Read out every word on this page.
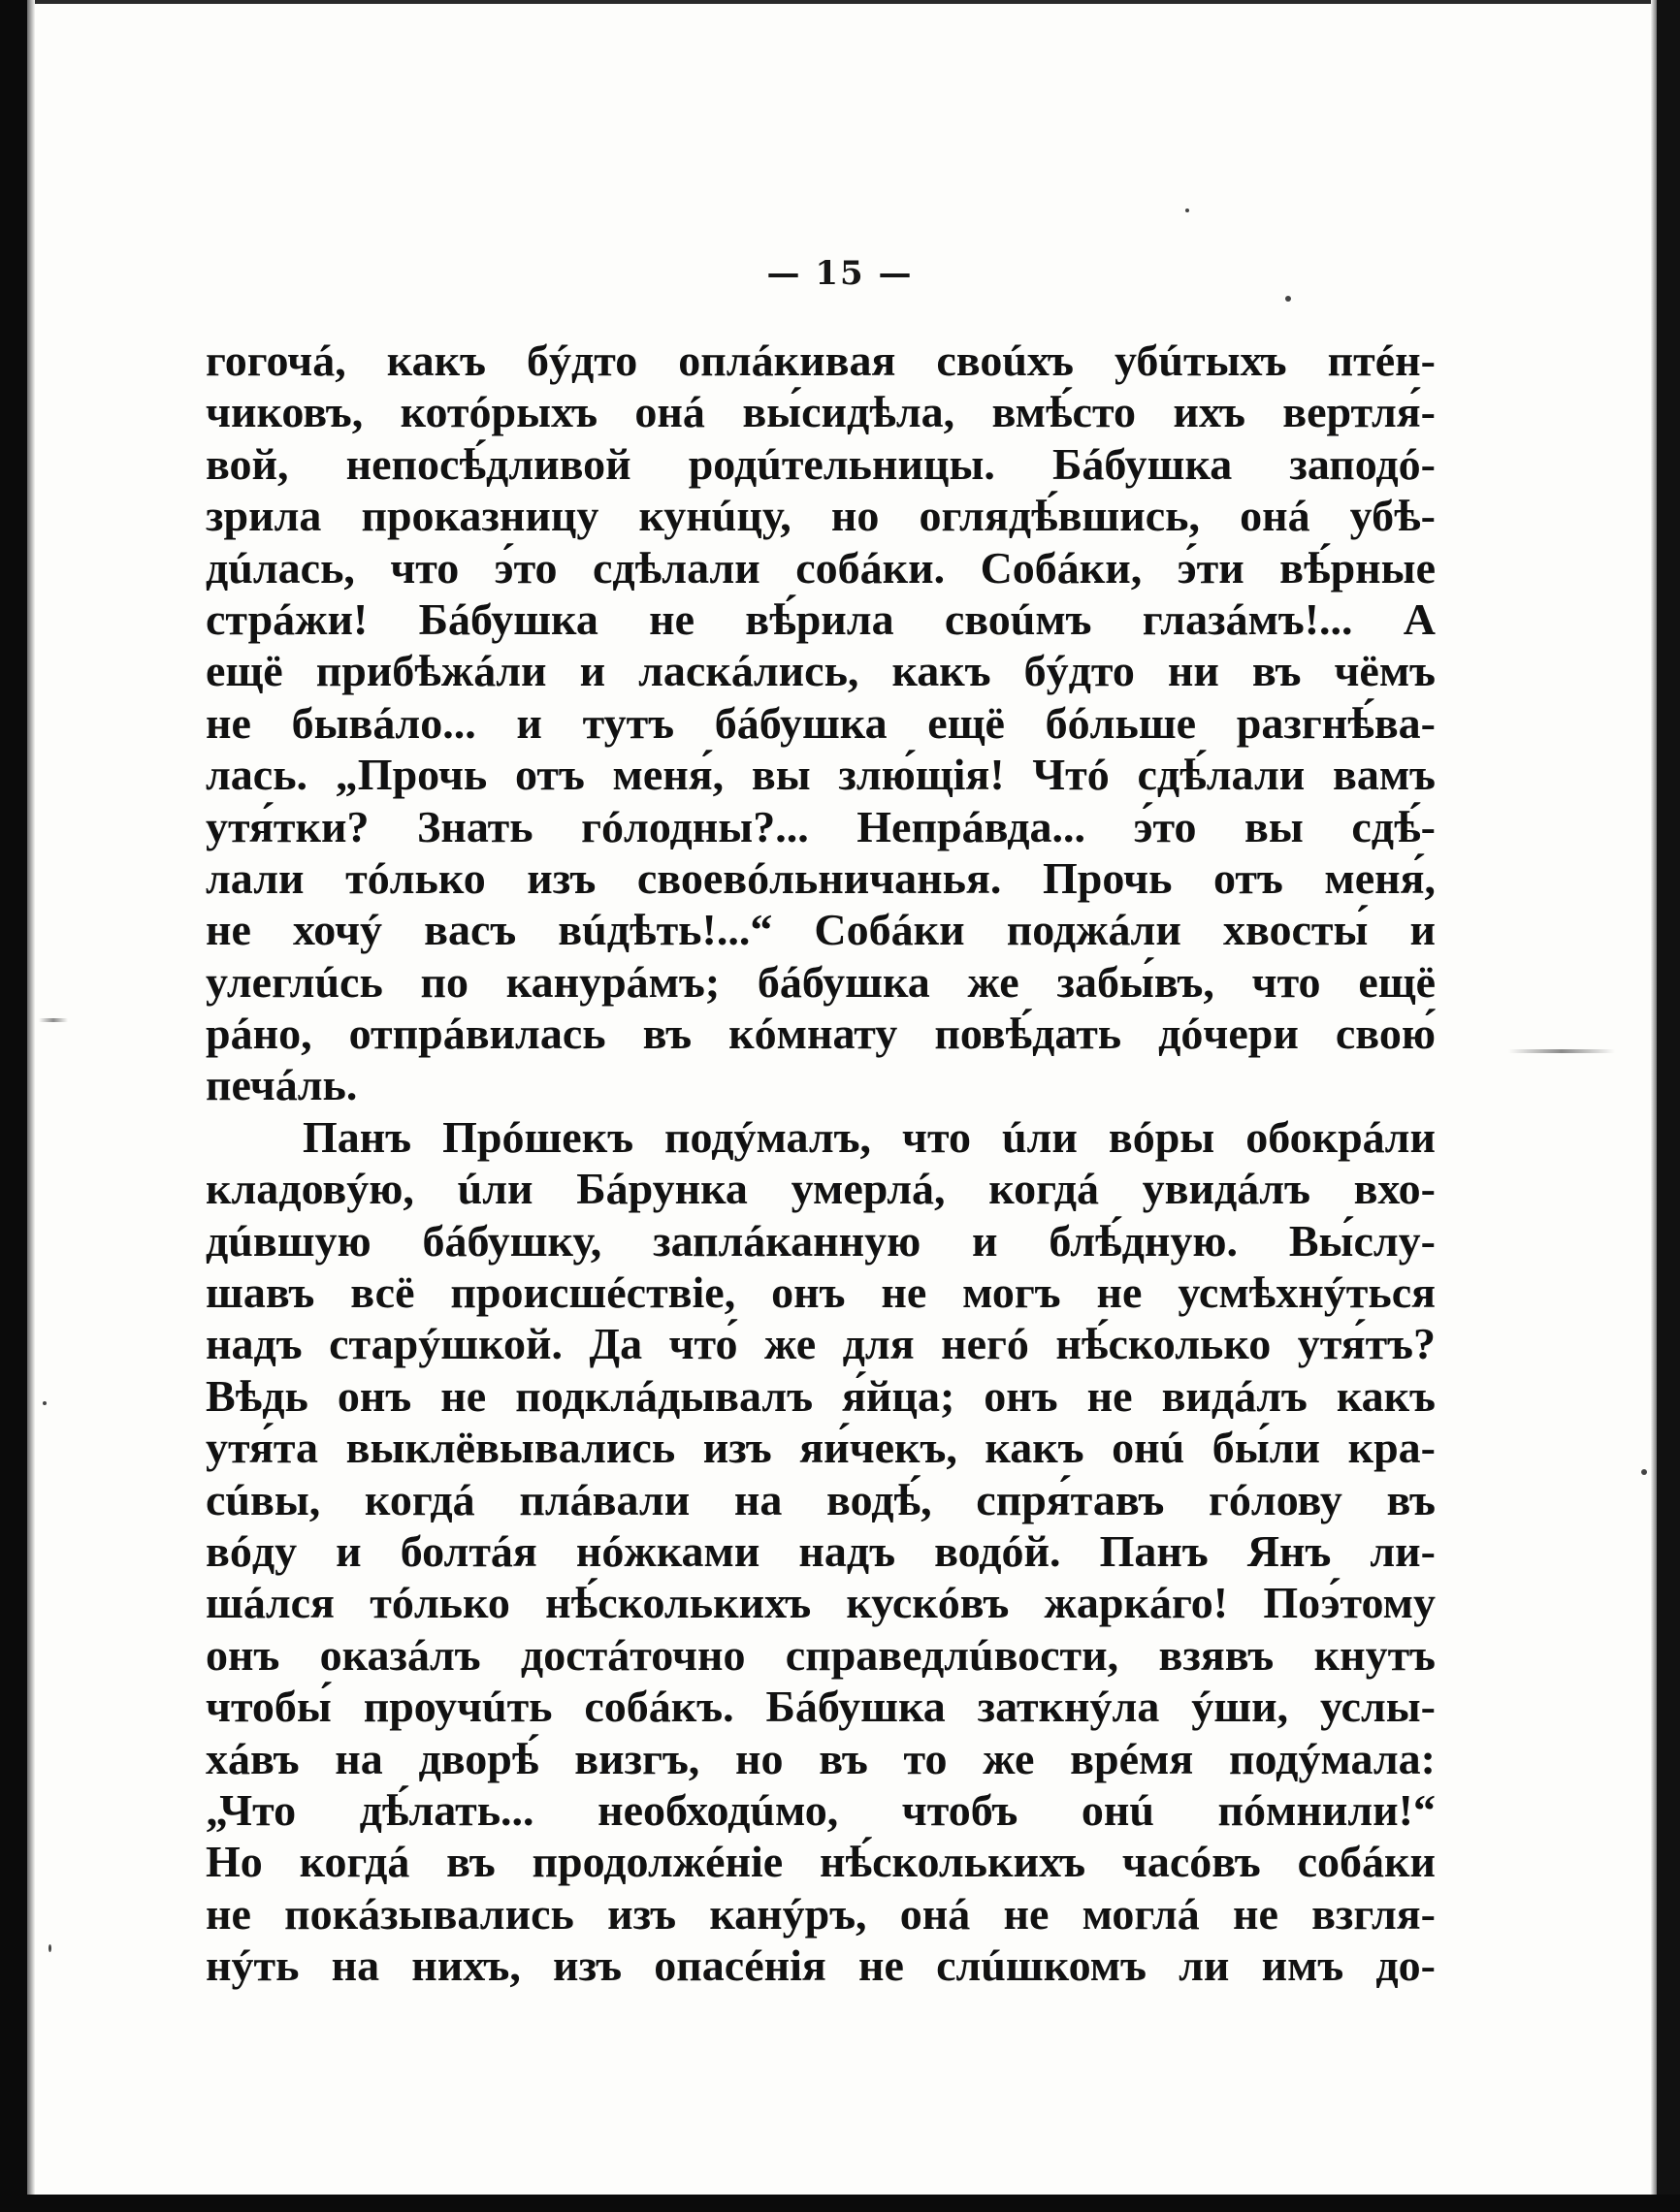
— 15 —
гогочá, какъ бýдто оплáкивая своúхъ убúтыхъ птéн-
чиковъ, котóрыхъ онá вы́сидѣла, вмѣ́сто ихъ вертля́-
вой, непосѣ́дливой родúтельницы. Бáбушка заподó-
зрила проказницу кунúцу, но оглядѣ́вшись, онá убѣ-
дúлась, что э́то сдѣлали собáки. Собáки, э́ти вѣ́рные
стрáжи! Бáбушка не вѣ́рила своúмъ глазáмъ!... А
ещё прибѣжáли и ласкáлись, какъ бýдто ни въ чёмъ
не бывáло... и тутъ бáбушка ещё бóльше разгнѣ́ва-
лась. „Прочь отъ меня́, вы злю́щія! Чтó сдѣ́лали вамъ
утя́тки? Знать гóлодны?... Непрáвда... э́то вы сдѣ́-
лали тóлько изъ своевóльничанья. Прочь отъ меня́,
не хочý васъ вúдѣть!...“ Собáки поджáли хвосты́ и
улеглúсь по канурáмъ; бáбушка же забы́въ, что ещё
рáно, отпрáвилась въ кóмнату повѣ́дать дóчери свою́
печáль.
Панъ Прóшекъ подýмалъ, что úли вóры обокрáли
кладовýю, úли Бáрунка умерлá, когдá увидáлъ вхо-
дúвшую бáбушку, заплáканную и блѣ́дную. Вы́слу-
шавъ всё происшéствіе, онъ не могъ не усмѣхнýться
надъ старýшкой. Да что́ же для негó нѣ́сколько утя́тъ?
Вѣдь онъ не подклáдывалъ я́йца; онъ не видáлъ какъ
утя́та выклёвывались изъ яи́чекъ, какъ онú бы́ли кра-
сúвы, когдá плáвали на водѣ́, спря́тавъ гóлову въ
вóду и болтáя нóжками надъ водóй. Панъ Янъ ли-
шáлся тóлько нѣ́сколькихъ кускóвъ жаркáго! Поэ́тому
онъ оказáлъ достáточно справедлúвости, взявъ кнутъ
чтобы́ проучúть собáкъ. Бáбушка заткнýла ýши, услы-
хáвъ на дворѣ́ визгъ, но въ то же врéмя подýмала:
„Что дѣ́лать... необходúмо, чтобъ онú пóмнили!“
Но когдá въ продолжéніе нѣ́сколькихъ часóвъ собáки
не покáзывались изъ канýръ, онá не моглá не взгля-
нýть на нихъ, изъ опасéнія не слúшкомъ ли имъ до-
